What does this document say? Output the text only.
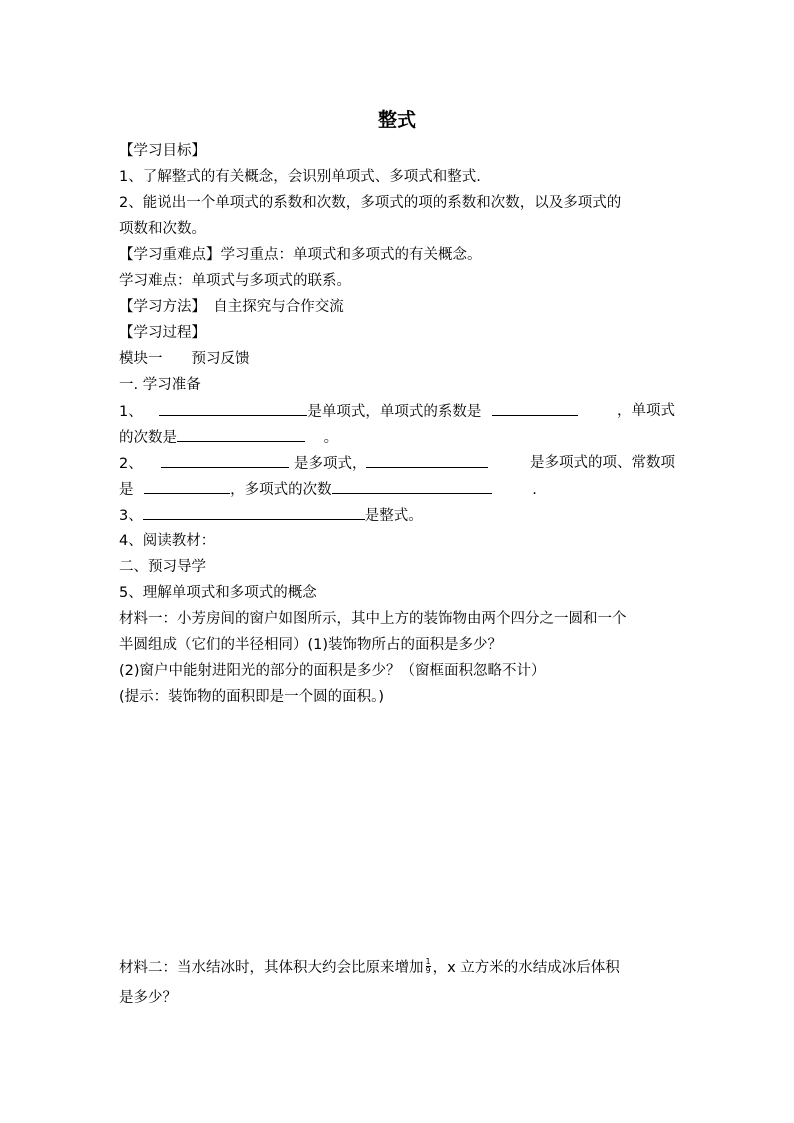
整式
【学习目标】
1、了解整式的有关概念，会识别单项式、多项式和整式.
2、能说出一个单项式的系数和次数，多项式的项的系数和次数，以及多项式的
项数和次数。
【学习重难点】学习重点：单项式和多项式的有关概念。
学习难点：单项式与多项式的联系。
【学习方法】　自主探究与合作交流
【学习过程】
模块一　　预习反馈
一. 学习准备
1、	是单项式，单项式的系数是	，单项式
的次数是	。
2、	是多项式，	是多项式的项、常数项
是	，多项式的次数	.
3、	是整式。
4、阅读教材：
二、预习导学
5、理解单项式和多项式的概念
材料一：小芳房间的窗户如图所示，其中上方的装饰物由两个四分之一圆和一个
半圆组成（它们的半径相同）(1)装饰物所占的面积是多少？
(2)窗户中能射进阳光的部分的面积是多少？（窗框面积忽略不计）
(提示：装饰物的面积即是一个圆的面积。)
材料二：当水结冰时，其体积大约会比原来增加 $\frac{1}{9}$ ，x 立方米的水结成冰后体积
是多少？
